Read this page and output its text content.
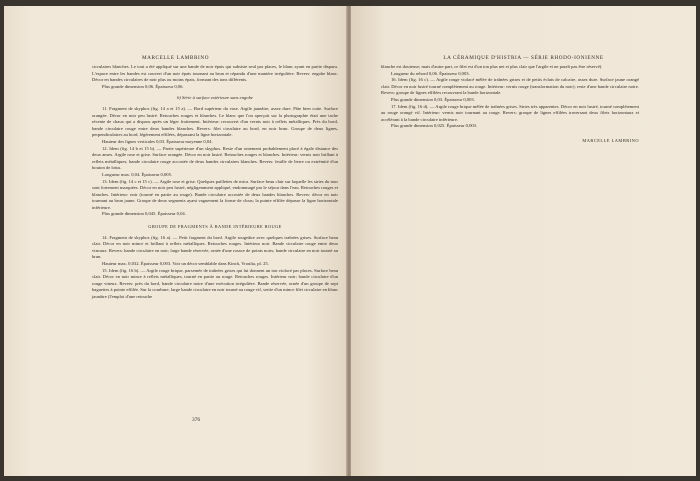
MARCELLE LAMBRINO

circulaires blanches. Le tout a été appliqué sur une bande de noir épais qui subsiste seul par places, le blanc ayant en partie disparu. L'espace entre les bandes est couvert d'un noir épais tournant au brun et répandu d'une manière irrégulière. Revers: engobe blanc. Décor en bandes circulaires de noir plus ou moins épais, formant des tons différents.

Plus grande dimension 0,06. Épaisseur 0,06.

b) Série à surface extérieure sans engobe

11. Fragment de skyphos (fig. 14 a et 15 a). — Bord supérieur du vase. Argile jaunâtre, assez dure. Pâte bien cuite. Surface orangée. Décor en noir peu lustré. Retouches rouges et blanches. Le blanc que l'on aperçoit sur la photographie était une tache récente de chaux qui a disparu après un léger frottement. Intérieur: recouvert d'un vernis noir à reflets métalliques. Près du bord, bande circulaire rouge entre deux bandes blanches. Revers: filet circulaire au bord, en noir brun. Groupe de deux lignes, perpendiculaires au bord, légèrement effilées, dépassant la ligne horizontale.

Hauteur des lignes verticales 0,03. Épaisseur moyenne 0,04.

12. Idem (fig. 14 b et 15 b). — Partie supérieure d'un skyphos. Reste d'un ornement probablement placé à égale distance des deux anses. Argile rose et grise. Surface orangée. Décor en noir lustré. Retouches rouges et blanches. Intérieur: vernis noir brillant à reflets métalliques; bande circulaire rouge accostée de deux bandes circulaires blanches. Revers: feuille de lierre ou extrémité d'un bouton de lotus.

Longueur max. 0,04. Épaisseur 0,005.

13. Idem (fig. 14 c et 15 c). — Argile rose et grise. Quelques paillettes de mica. Surface beau clair sur laquelle les stries du tour sont fortement marquées. Décor en noir peu lustré, négligemment appliqué, endommagé par le séjour dans l'eau. Retouches rouges et blanches. Intérieur: noir (tourné en partie au rouge). Bande circulaire accostée de deux bandes blanches. Revers: décor en noir tournant au brun jaune. Groupe de deux segments ayant vaguement la forme de clous; la pointe effilée dépasse la ligne horizontale inférieure.

Plus grande dimension 0,045. Épaisseur 0,04.

GROUPE DE FRAGMENTS À BANDE INTÉRIEURE ROUGE

14. Fragment de skyphos (fig. 16 a). — Petit fragment du bord. Argile rougeâtre avec quelques traînées grises. Surface beau clair. Décor en noir mince et brillant à reflets métalliques. Retouches rouges. Intérieur noir. Bande circulaire rouge entre deux vincaux. Revers: bande circulaire en noir; large bande réservée, ornée d'une rosace de points noirs; bande circulaire en noir tourné au brun.

Hauteur max. 0,032. Épaisseur 0,003. Voir un décor semblable dans Kinch, Vroulia, pl. 25.

15. Idem (fig. 16 b). — Argile rouge brique, parsemée de traînées grises qui lui donnent un ton violacé par places. Surface beau clair. Décor en noir mince à reflets métalliques, tourné en partie au rouge. Retouches rouges. Intérieur noir; bande circulaire d'un rouge vineux. Revers: près du bord, bande circulaire noire d'une exécution irrégulière. Bande réservée, ornée d'un groupe de sept baguettes à pointe effilée. Sur la courbure, large bande circulaire en noir tourné au rouge vif, sertie d'un mince filet circulaire en blanc jaunâtre (l'emploi d'une retouche

376
LA CÉRAMIQUE D'HISTRIA — SÉRIE RHODO-IONIENNE

blanche est douteuse; mais d'autre part, ce filet est d'un ton plus net et plus clair que l'argile et ne paraît pas être réservé).

Longueur du rebord 0,06. Épaisseur 0,003.

16. Idem (fig. 16 c). — Argile rouge violacé mêlée de traînées grises et de petits éclats de calcaire, assez dure. Surface jaune orangé clair. Décor en noir lustré tourné complètement au rouge. Intérieur: vernis rouge (transformation du noir); reste d'une bande circulaire noire. Revers: groupe de lignes effilées recouvrant la bande horizontale.

Plus grande dimension 0,03. Épaisseur 0,003.

17. Idem (fig. 16 d). — Argile rouge brique mêlée de traînées grises. Stries très apparentes. Décor en noir lustré, tourné complètement au rouge orangé vif. Intérieur: vernis noir tournant au rouge. Revers: groupe de lignes effilées traversant deux filets horizontaux et accélérant à la bande circulaire inférieure.

Plus grande dimension 0,025. Épaisseur 0,003.

MARCELLE LAMBRINO
